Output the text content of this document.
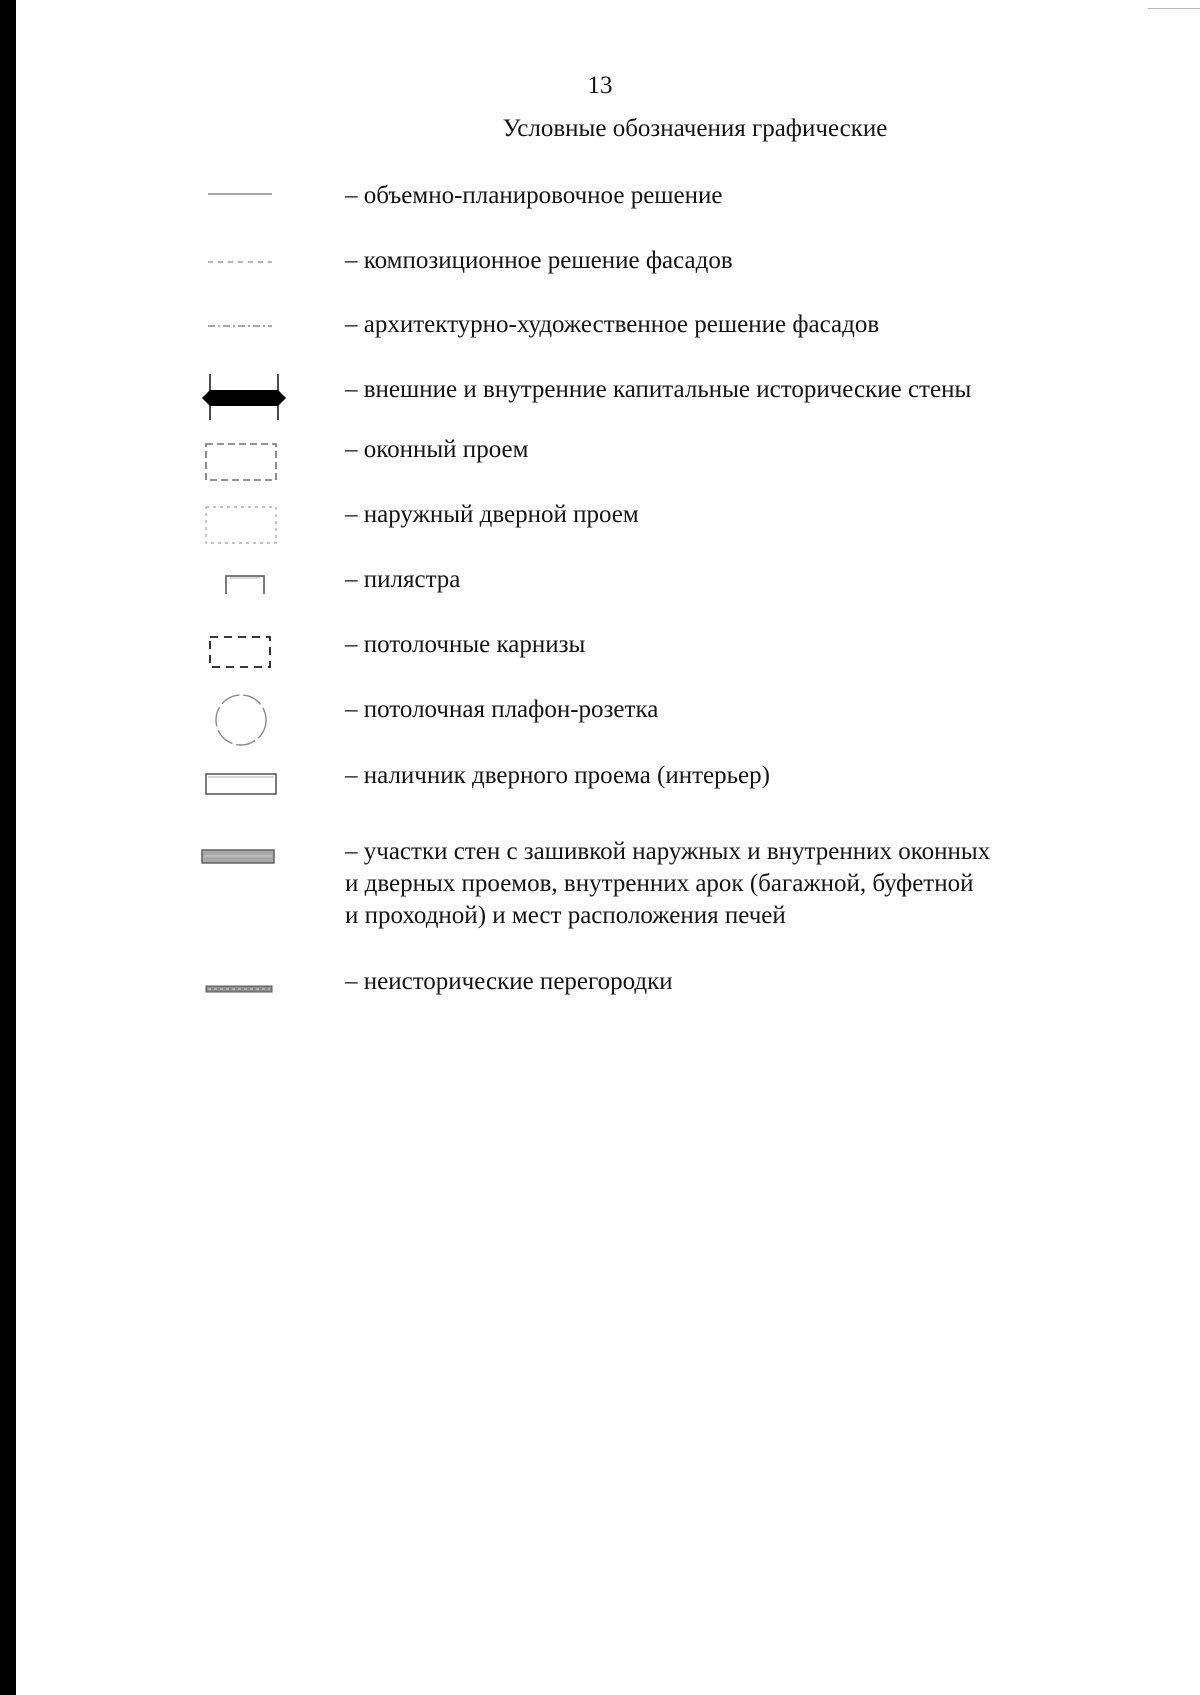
13
Условные обозначения графические

– объемно-планировочное решение

– композиционное решение фасадов

– архитектурно-художественное решение фасадов

– внешние и внутренние капитальные исторические стены

– оконный проем

– наружный дверной проем

– пилястра

– потолочные карнизы

– потолочная плафон-розетка

– наличник дверного проема (интерьер)

– участки стен с зашивкой наружных и внутренних оконных
и дверных проемов, внутренних арок (багажной, буфетной
и проходной) и мест расположения печей

– неисторические перегородки
